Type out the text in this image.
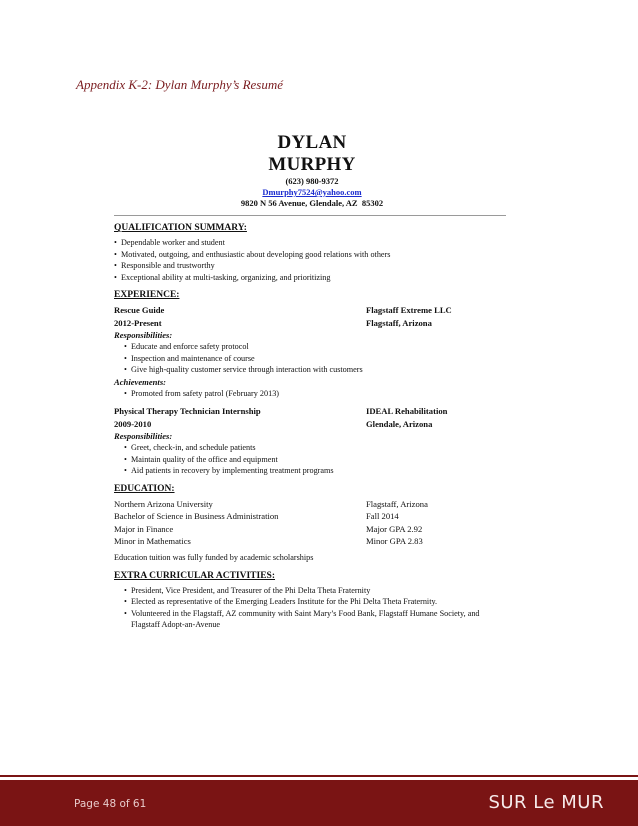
Appendix K-2: Dylan Murphy’s Resumé
DYLAN MURPHY
(623) 980-9372
Dmurphy7524@yahoo.com
9820 N 56 Avenue, Glendale, AZ  85302
QUALIFICATION SUMMARY:
• Dependable worker and student
• Motivated, outgoing, and enthusiastic about developing good relations with others
• Responsible and trustworthy
• Exceptional ability at multi-tasking, organizing, and prioritizing
EXPERIENCE:
Rescue Guide	Flagstaff Extreme LLC
2012-Present	Flagstaff, Arizona
Responsibilities:
• Educate and enforce safety protocol
• Inspection and maintenance of course
• Give high-quality customer service through interaction with customers
Achievements:
• Promoted from safety patrol (February 2013)
Physical Therapy Technician Internship	IDEAL Rehabilitation
2009-2010	Glendale, Arizona
Responsibilities:
• Greet, check-in, and schedule patients
• Maintain quality of the office and equipment
• Aid patients in recovery by implementing treatment programs
EDUCATION:
Northern Arizona University	Flagstaff, Arizona
Bachelor of Science in Business Administration	Fall 2014
Major in Finance	Major GPA 2.92
Minor in Mathematics	Minor GPA 2.83
Education tuition was fully funded by academic scholarships
EXTRA CURRICULAR ACTIVITIES:
• President, Vice President, and Treasurer of the Phi Delta Theta Fraternity
• Elected as representative of the Emerging Leaders Institute for the Phi Delta Theta Fraternity.
• Volunteered in the Flagstaff, AZ community with Saint Mary’s Food Bank, Flagstaff Humane Society, and Flagstaff Adopt-an-Avenue
Page 48 of 61	SUR Le MUR
